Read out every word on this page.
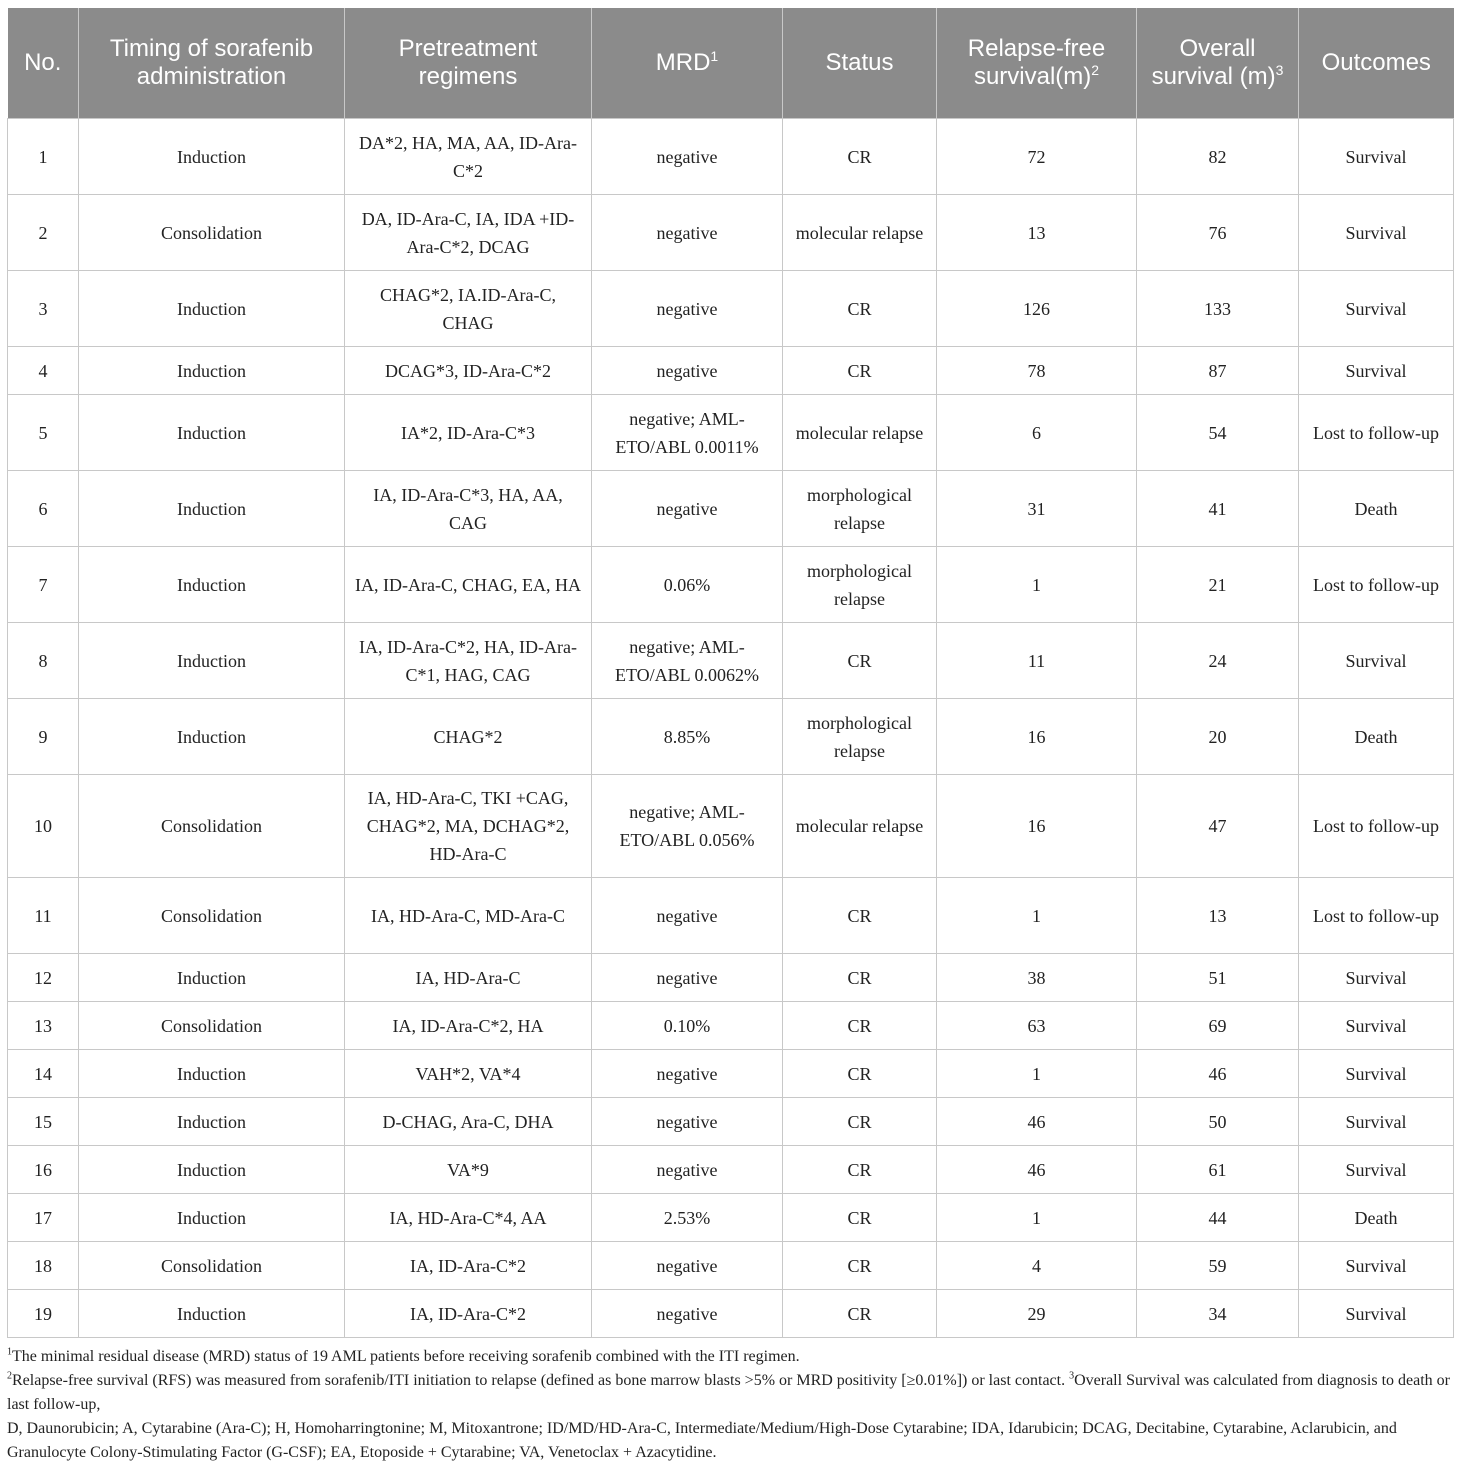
No.	Timing of sorafenib administration	Pretreatment regimens	MRD$^1$	Status	Relapse-free $survival(m)^2$	Overall survival $(m)^3$	Outcomes
1	Induction	DA*2, HA, MA, AA, ID-Ara-C*2	negative	CR	72	82	Survival
2	Consolidation	DA, ID-Ara-C, IA, IDA +ID-Ara-C*2, DCAG	negative	molecular relapse	13	76	Survival
3	Induction	CHAG*2, IA.ID-Ara-C, CHAG	negative	CR	126	133	Survival
4	Induction	DCAG*3, ID-Ara-C*2	negative	CR	78	87	Survival
5	Induction	IA*2, ID-Ara-C*3	negative; AML-ETO/ABL 0.0011%	molecular relapse	6	54	Lost to follow-up
6	Induction	IA, ID-Ara-C*3, HA, AA, CAG	negative	morphological relapse	31	41	Death
7	Induction	IA, ID-Ara-C, CHAG, EA, HA	0.06%	morphological relapse	1	21	Lost to follow-up
8	Induction	IA, ID-Ara-C*2, HA, ID-Ara-C*1, HAG, CAG	negative; AML-ETO/ABL 0.0062%	CR	11	24	Survival
9	Induction	CHAG*2	8.85%	morphological relapse	16	20	Death
10	Consolidation	IA, HD-Ara-C, TKI +CAG, CHAG*2, MA, DCHAG*2, HD-Ara-C	negative; AML-ETO/ABL 0.056%	molecular relapse	16	47	Lost to follow-up
11	Consolidation	IA, HD-Ara-C, MD-Ara-C	negative	CR	1	13	Lost to follow-up
12	Induction	IA, HD-Ara-C	negative	CR	38	51	Survival
13	Consolidation	IA, ID-Ara-C*2, HA	0.10%	CR	63	69	Survival
14	Induction	VAH*2, VA*4	negative	CR	1	46	Survival
15	Induction	D-CHAG, Ara-C, DHA	negative	CR	46	50	Survival
16	Induction	VA*9	negative	CR	46	61	Survival
17	Induction	IA, HD-Ara-C*4, AA	2.53%	CR	1	44	Death
18	Consolidation	IA, ID-Ara-C*2	negative	CR	4	59	Survival
19	Induction	IA, ID-Ara-C*2	negative	CR	29	34	Survival

$^1$The minimal residual disease (MRD) status of 19 AML patients before receiving sorafenib combined with the ITI regimen.

$^2$Relapse-free survival (RFS) was measured from sorafenib/ITI initiation to relapse (defined as bone marrow blasts >5% or MRD positivity [≥0.01%]) or last contact. $^3$Overall Survival was calculated from diagnosis to death or last follow-up,

D, Daunorubicin; A, Cytarabine (Ara-C); H, Homoharringtonine; M, Mitoxantrone; ID/MD/HD-Ara-C, Intermediate/Medium/High-Dose Cytarabine; IDA, Idarubicin; DCAG, Decitabine, Cytarabine, Aclarubicin, and Granulocyte Colony-Stimulating Factor (G-CSF); EA, Etoposide + Cytarabine; VA, Venetoclax + Azacytidine.
